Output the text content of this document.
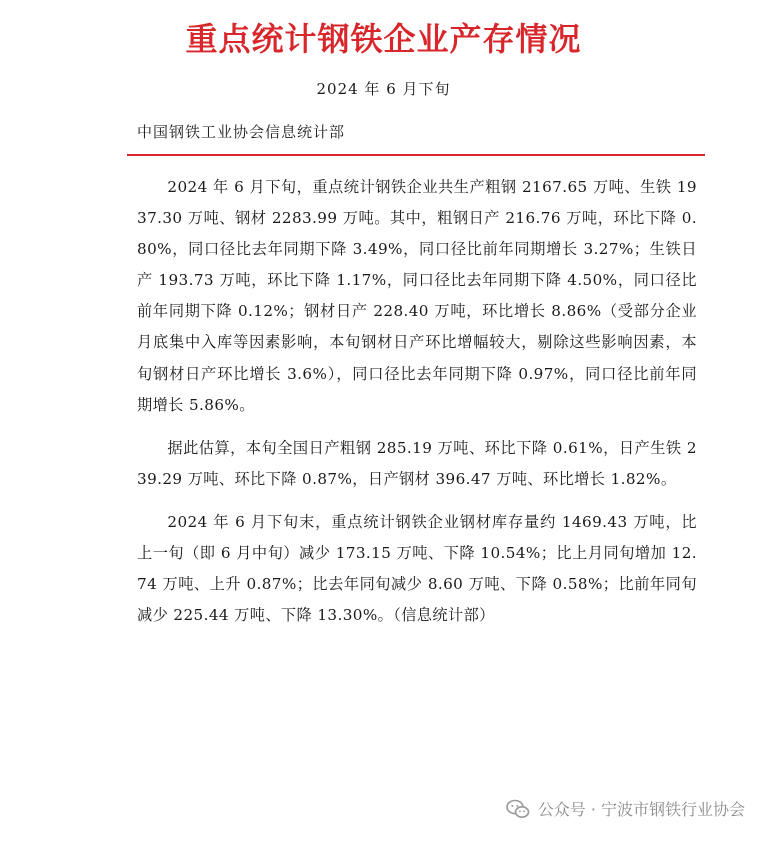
重点统计钢铁企业产存情况
2024 年 6 月下旬
中国钢铁工业协会信息统计部

2024 年 6 月下旬，重点统计钢铁企业共生产粗钢 2167.65 万吨、生铁 1937.30 万吨、钢材 2283.99 万吨。其中，粗钢日产 216.76 万吨，环比下降 0.80%，同口径比去年同期下降 3.49%，同口径比前年同期增长 3.27%；生铁日产 193.73 万吨，环比下降 1.17%，同口径比去年同期下降 4.50%，同口径比前年同期下降 0.12%；钢材日产 228.40 万吨，环比增长 8.86%（受部分企业月底集中入库等因素影响，本旬钢材日产环比增幅较大，剔除这些影响因素，本旬钢材日产环比增长 3.6%），同口径比去年同期下降 0.97%，同口径比前年同期增长 5.86%。

据此估算，本旬全国日产粗钢 285.19 万吨、环比下降 0.61%，日产生铁 239.29 万吨、环比下降 0.87%，日产钢材 396.47 万吨、环比增长 1.82%。

2024 年 6 月下旬末，重点统计钢铁企业钢材库存量约 1469.43 万吨，比上一旬（即 6 月中旬）减少 173.15 万吨、下降 10.54%；比上月同旬增加 12.74 万吨、上升 0.87%；比去年同旬减少 8.60 万吨、下降 0.58%；比前年同旬减少 225.44 万吨、下降 13.30%。（信息统计部）

公众号 · 宁波市钢铁行业协会
